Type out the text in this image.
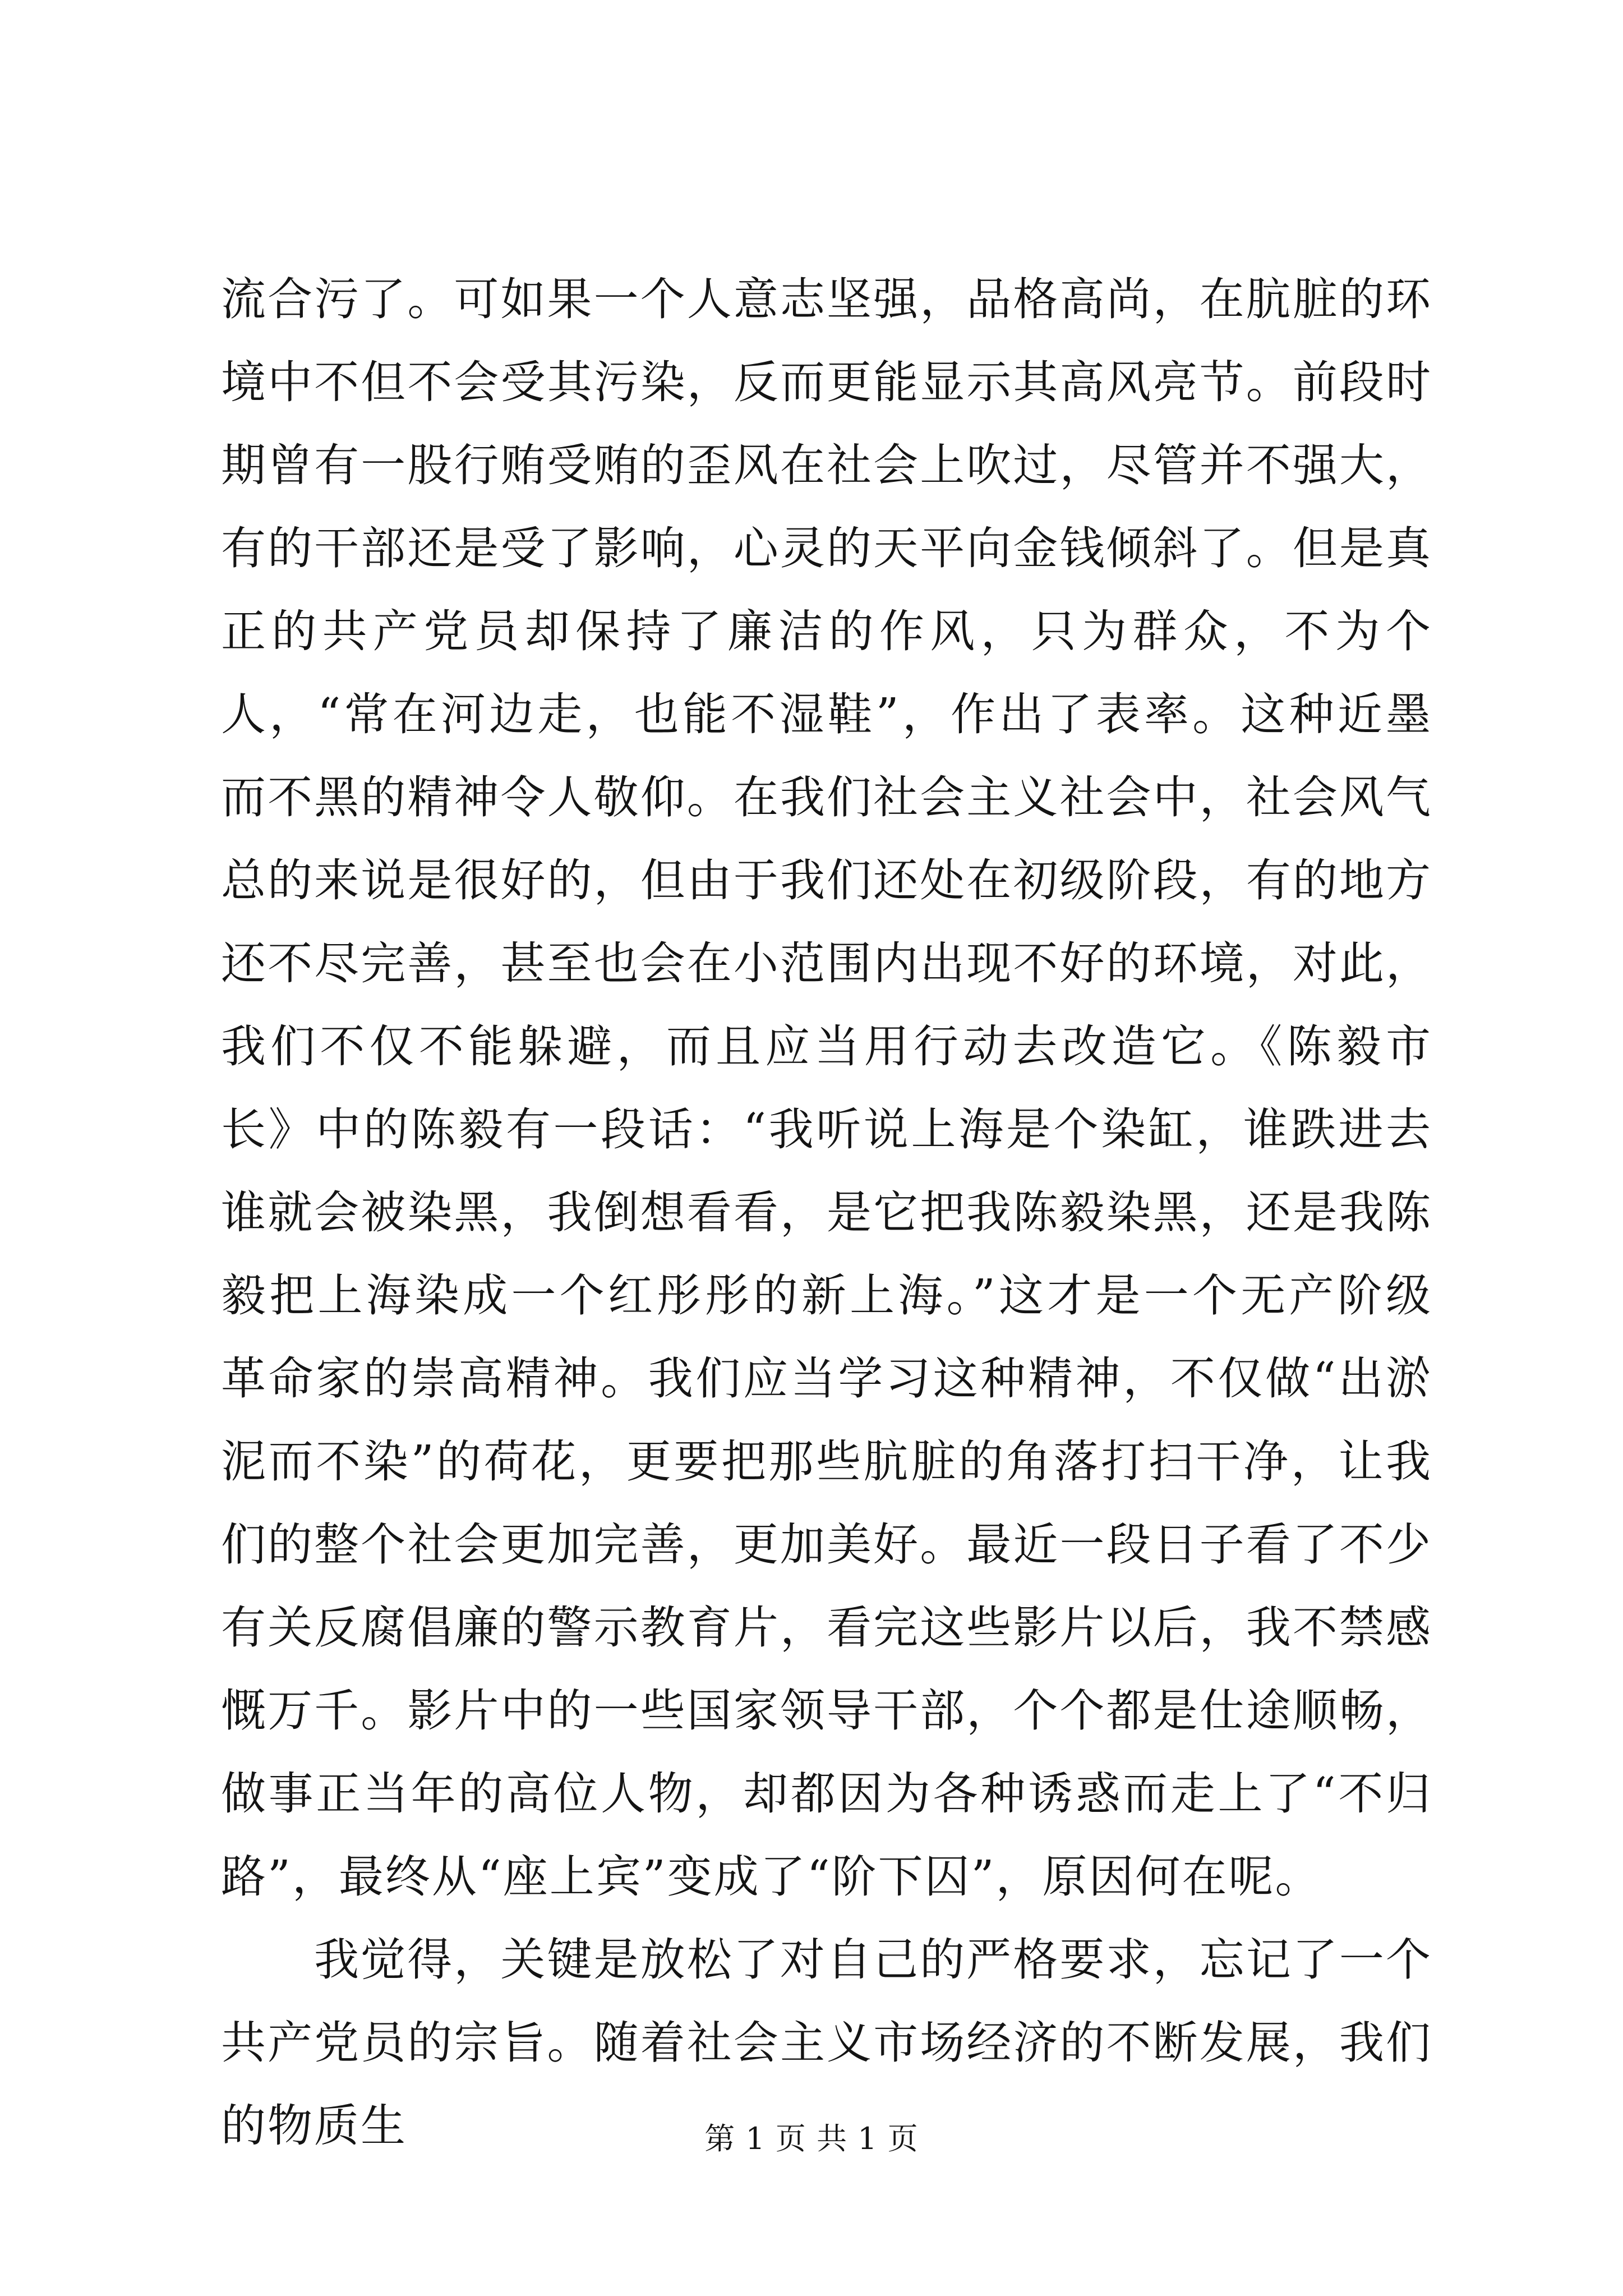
流合污了。可如果一个人意志坚强，品格高尚，在肮脏的环境中不但不会受其污染，反而更能显示其高风亮节。前段时期曾有一股行贿受贿的歪风在社会上吹过，尽管并不强大，有的干部还是受了影响，心灵的天平向金钱倾斜了。但是真正的共产党员却保持了廉洁的作风，只为群众，不为个人，“常在河边走，也能不湿鞋”，作出了表率。这种近墨而不黑的精神令人敬仰。在我们社会主义社会中，社会风气总的来说是很好的，但由于我们还处在初级阶段，有的地方还不尽完善，甚至也会在小范围内出现不好的环境，对此，我们不仅不能躲避，而且应当用行动去改造它。《陈毅市长》中的陈毅有一段话：“我听说上海是个染缸，谁跌进去谁就会被染黑，我倒想看看，是它把我陈毅染黑，还是我陈毅把上海染成一个红彤彤的新上海。”这才是一个无产阶级革命家的崇高精神。我们应当学习这种精神，不仅做“出淤泥而不染”的荷花，更要把那些肮脏的角落打扫干净，让我们的整个社会更加完善，更加美好。最近一段日子看了不少有关反腐倡廉的警示教育片，看完这些影片以后，我不禁感慨万千。影片中的一些国家领导干部，个个都是仕途顺畅，做事正当年的高位人物，却都因为各种诱惑而走上了“不归路”，最终从“座上宾”变成了“阶下囚”，原因何在呢。

我觉得，关键是放松了对自己的严格要求，忘记了一个共产党员的宗旨。随着社会主义市场经济的不断发展，我们的物质生	第 1 页 共 1 页
